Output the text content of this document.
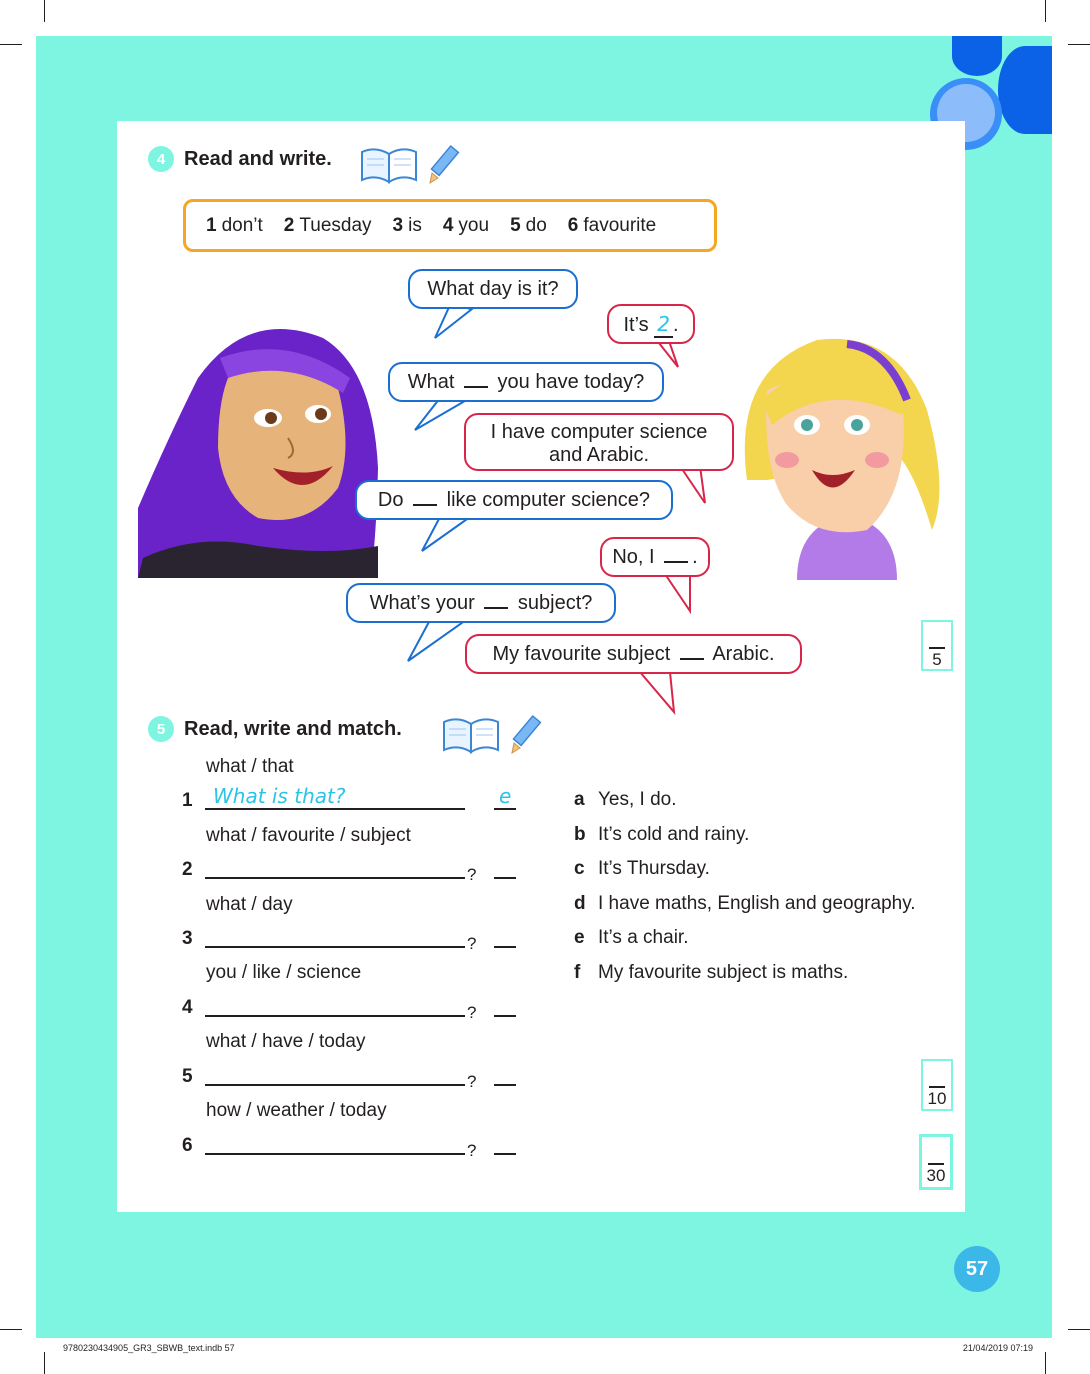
4 Read and write.
1 don’t 2 Tuesday 3 is 4 you 5 do 6 favourite
What day is it?
It’s 2 .
What you have today?
I have computer science
and Arabic.
Do like computer science?
No, I .
What’s your subject?
My favourite subject Arabic.	5
5 Read, write and match.
what / that
1 What is that?	e
what / favourite / subject
2	?
what / day
3	?
you / like / science
4	?
what / have / today
5	?
how / weather / today
6	?
a Yes, I do.
b It’s cold and rainy.
c It’s Thursday.
d I have maths, English and geography.
e It’s a chair.
f My favourite subject is maths.
10
30
57
9780230434905_GR3_SBWB_text.indb 57	21/04/2019 07:19
